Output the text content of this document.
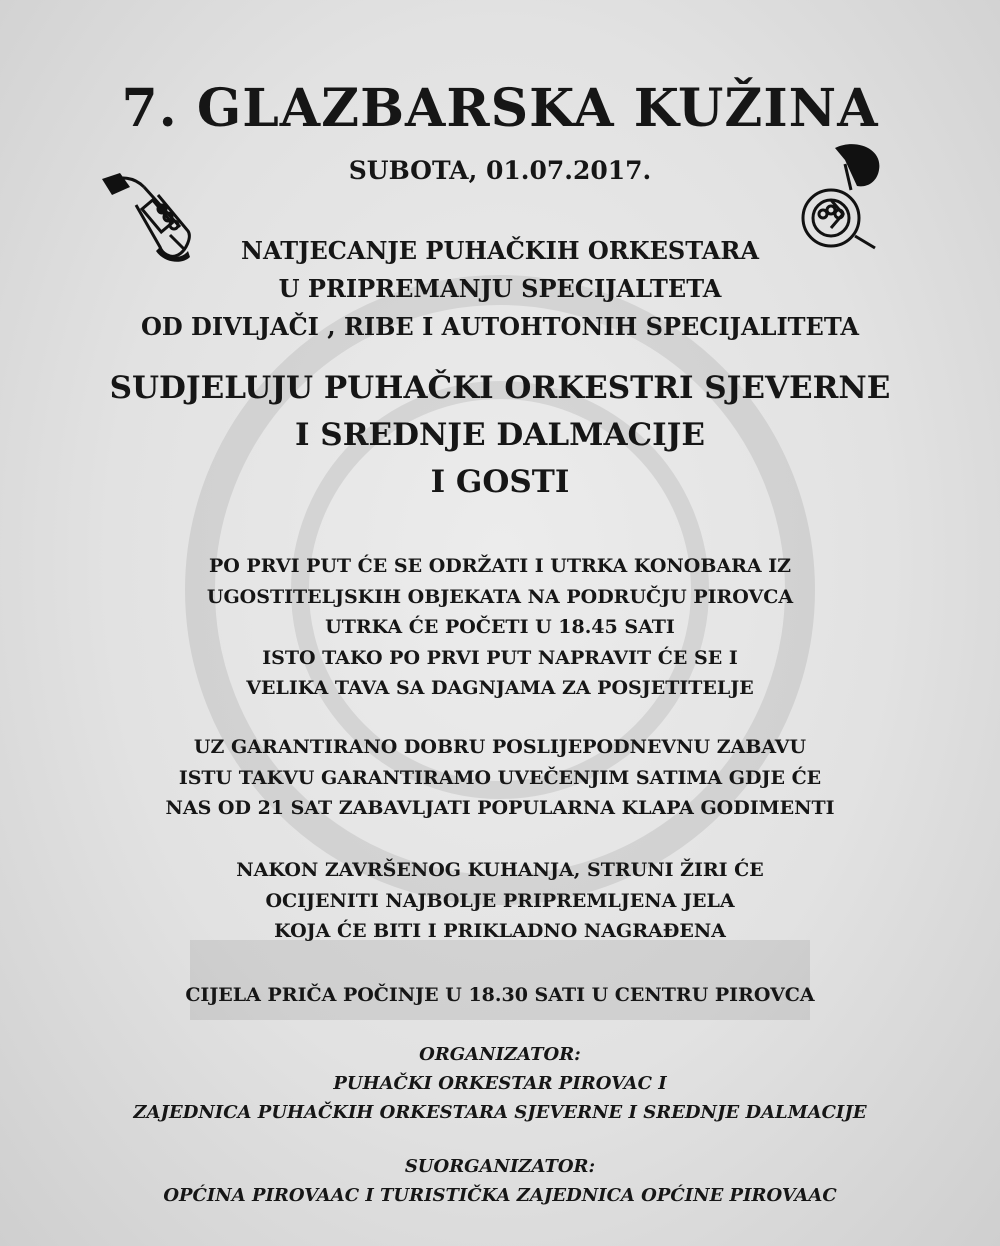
7. GLAZBARSKA KUŽINA
SUBOTA, 01.07.2017.

NATJECANJE PUHAČKIH ORKESTARA

U PRIPREMANJU SPECIJALTETA

OD DIVLJAČI , RIBE I AUTOHTONIH SPECIJALITETA

SUDJELUJU PUHAČKI ORKESTRI SJEVERNE

I SREDNJE DALMACIJE

I GOSTI

PO PRVI PUT ĆE SE ODRŽATI I UTRKA KONOBARA IZ

UGOSTITELJSKIH OBJEKATA NA PODRUČJU PIROVCA

UTRKA ĆE POČETI U 18.45 SATI

ISTO TAKO PO PRVI PUT NAPRAVIT ĆE SE I

VELIKA TAVA SA DAGNJAMA ZA POSJETITELJE

UZ GARANTIRANO DOBRU POSLIJEPODNEVNU ZABAVU

ISTU TAKVU GARANTIRAMO UVEČENJIM SATIMA GDJE ĆE

NAS OD 21 SAT ZABAVLJATI POPULARNA KLAPA GODIMENTI

NAKON ZAVRŠENOG KUHANJA, STRUNI ŽIRI ĆE

OCIJENITI NAJBOLJE PRIPREMLJENA JELA

KOJA ĆE BITI I PRIKLADNO NAGRAĐENA

CIJELA PRIČA POČINJE U 18.30 SATI U CENTRU PIROVCA

ORGANIZATOR:

PUHAČKI ORKESTAR PIROVAC I

ZAJEDNICA PUHAČKIH ORKESTARA SJEVERNE I SREDNJE DALMACIJE

SUORGANIZATOR:

OPĆINA PIROVAAC I TURISTIČKA ZAJEDNICA OPĆINE PIROVAAC
